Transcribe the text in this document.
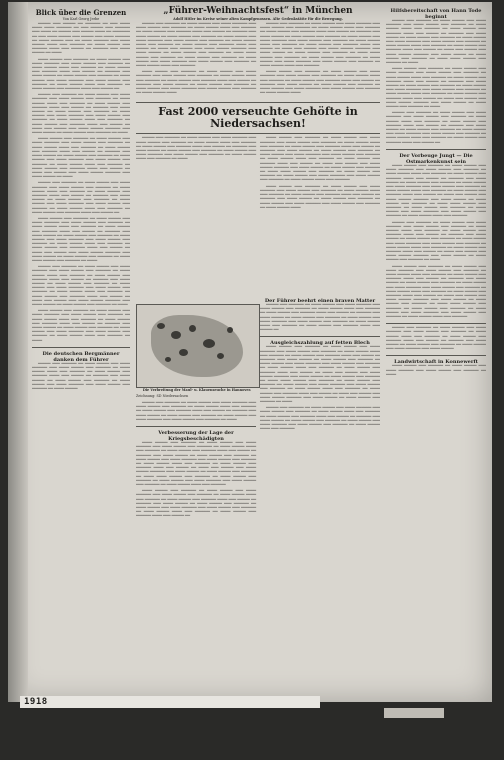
Blick über die Grenzen
Von Karl Georg Jerbe

▔▔▔▔▔ ▔▔▔ ▔▔▔▔▔ ▔▔ ▔▔▔▔▔▔ ▔▔ ▔▔▔ ▔▔▔▔ ▔▔▔▔ ▔▔▔▔ ▔▔▔▔▔▔ ▔▔ ▔▔▔ ▔▔▔▔▔ ▔▔▔ ▔▔▔▔▔▔ ▔▔▔ ▔▔▔▔ ▔▔ ▔▔▔▔▔ ▔▔▔ ▔▔▔▔▔ ▔▔▔▔ ▔▔ ▔▔▔▔▔▔▔ ▔▔ ▔▔▔ ▔▔▔▔ ▔▔▔▔▔ ▔▔▔ ▔▔▔▔▔ ▔▔▔ ▔▔▔▔ ▔▔▔▔▔▔ ▔▔ ▔▔▔▔ ▔▔▔▔▔ ▔▔▔ ▔▔ ▔▔▔▔ ▔▔▔▔▔▔ ▔▔▔ ▔▔▔▔ ▔▔▔▔▔ ▔▔▔▔ ▔▔▔ ▔▔▔▔▔▔ ▔▔ ▔▔▔▔ ▔▔▔▔▔ ▔▔▔ ▔▔▔▔▔▔ ▔▔▔▔ ▔▔▔ ▔▔▔▔▔ ▔▔ ▔▔▔▔▔▔ ▔▔▔ ▔▔▔▔ ▔▔▔▔▔ ▔▔ ▔▔▔▔

▔▔▔▔ ▔▔▔▔▔ ▔▔▔ ▔▔▔▔▔▔ ▔▔ ▔▔▔▔ ▔▔▔▔▔ ▔▔▔ ▔▔▔▔ ▔▔▔▔▔▔ ▔▔▔ ▔▔▔▔ ▔▔▔▔▔ ▔▔▔ ▔▔▔▔▔▔ ▔▔ ▔▔▔▔ ▔▔▔▔▔ ▔▔▔▔ ▔▔▔ ▔▔▔▔▔▔ ▔▔ ▔▔▔▔ ▔▔▔▔▔ ▔▔▔ ▔▔▔▔▔▔ ▔▔▔▔ ▔▔▔ ▔▔▔▔▔ ▔▔ ▔▔▔▔▔▔ ▔▔▔ ▔▔▔▔ ▔▔▔▔▔ ▔▔ ▔▔▔▔ ▔▔▔▔▔ ▔▔▔ ▔▔▔▔▔▔ ▔▔ ▔▔▔▔ ▔▔▔▔▔ ▔▔▔ ▔▔▔▔ ▔▔▔▔▔▔ ▔▔▔ ▔▔▔▔ ▔▔▔▔▔ ▔▔▔ ▔▔▔▔▔▔ ▔▔ ▔▔▔▔ ▔▔▔▔▔ ▔▔▔▔ ▔▔▔ ▔▔▔▔▔▔ ▔▔ ▔▔▔▔ ▔▔▔▔▔ ▔▔▔ ▔▔▔▔▔▔ ▔▔▔▔ ▔▔▔ ▔▔▔▔▔ ▔▔

▔▔▔▔▔ ▔▔▔ ▔▔▔▔▔▔ ▔▔ ▔▔▔▔ ▔▔▔▔▔ ▔▔▔ ▔▔▔▔ ▔▔▔▔▔▔ ▔▔▔ ▔▔▔▔ ▔▔▔▔▔ ▔▔▔ ▔▔▔▔▔▔ ▔▔ ▔▔▔▔ ▔▔▔▔▔ ▔▔▔▔ ▔▔▔ ▔▔▔▔▔▔ ▔▔ ▔▔▔▔ ▔▔▔▔▔ ▔▔▔ ▔▔▔▔▔▔ ▔▔▔▔ ▔▔▔ ▔▔▔▔▔ ▔▔ ▔▔▔▔▔▔ ▔▔▔ ▔▔▔▔ ▔▔▔▔▔ ▔▔ ▔▔▔▔ ▔▔▔▔▔ ▔▔▔ ▔▔▔▔▔▔ ▔▔ ▔▔▔▔ ▔▔▔▔▔ ▔▔▔ ▔▔▔▔ ▔▔▔▔▔▔ ▔▔▔ ▔▔▔▔ ▔▔▔▔▔ ▔▔▔ ▔▔▔▔▔▔ ▔▔ ▔▔▔▔ ▔▔▔▔▔ ▔▔▔▔ ▔▔▔ ▔▔▔▔▔▔ ▔▔ ▔▔▔▔ ▔▔▔▔▔ ▔▔▔ ▔▔▔▔▔▔ ▔▔▔▔ ▔▔▔ ▔▔▔▔▔ ▔▔ ▔▔▔▔ ▔▔▔ ▔▔▔▔▔ ▔▔▔ ▔▔▔▔ ▔▔▔▔▔ ▔▔▔▔▔▔ ▔▔▔ ▔▔▔▔ ▔▔▔▔▔ ▔▔ ▔▔▔▔ ▔▔▔▔▔ ▔▔▔ ▔▔▔▔▔▔ ▔▔ ▔▔▔▔

▔▔▔▔ ▔▔▔▔▔ ▔▔▔ ▔▔▔▔▔▔ ▔▔ ▔▔▔▔ ▔▔▔▔▔ ▔▔▔ ▔▔▔▔ ▔▔▔▔▔▔ ▔▔▔ ▔▔▔▔ ▔▔▔▔▔ ▔▔▔ ▔▔▔▔▔▔ ▔▔ ▔▔▔▔ ▔▔▔▔▔ ▔▔▔▔ ▔▔▔ ▔▔▔▔▔▔ ▔▔ ▔▔▔▔ ▔▔▔▔▔ ▔▔▔ ▔▔▔▔▔▔ ▔▔▔▔ ▔▔▔ ▔▔▔▔▔ ▔▔ ▔▔▔▔▔▔ ▔▔▔ ▔▔▔▔ ▔▔▔▔▔ ▔▔ ▔▔▔▔ ▔▔▔▔▔ ▔▔▔ ▔▔▔▔▔▔ ▔▔ ▔▔▔▔ ▔▔▔▔▔ ▔▔▔ ▔▔▔▔ ▔▔▔▔▔▔ ▔▔▔ ▔▔▔▔ ▔▔▔▔▔ ▔▔▔ ▔▔▔▔▔▔ ▔▔ ▔▔▔▔ ▔▔▔▔▔ ▔▔▔▔ ▔▔▔ ▔▔▔▔▔▔ ▔▔ ▔▔▔▔ ▔▔▔▔▔ ▔▔▔ ▔▔▔▔▔▔ ▔▔▔▔ ▔▔▔ ▔▔▔▔▔ ▔▔ ▔▔▔▔ ▔▔▔ ▔▔▔▔▔ ▔▔▔ ▔▔▔▔ ▔▔▔▔▔ ▔▔▔▔▔▔ ▔▔▔ ▔▔▔▔ ▔▔▔▔▔ ▔▔ ▔▔▔▔

▔▔▔▔▔ ▔▔▔ ▔▔▔▔▔▔ ▔▔ ▔▔▔▔ ▔▔▔▔▔ ▔▔▔ ▔▔▔▔ ▔▔▔▔▔▔ ▔▔▔ ▔▔▔▔ ▔▔▔▔▔ ▔▔▔ ▔▔▔▔▔▔ ▔▔ ▔▔▔▔ ▔▔▔▔▔ ▔▔▔▔ ▔▔▔ ▔▔▔▔▔▔ ▔▔ ▔▔▔▔ ▔▔▔▔▔ ▔▔▔ ▔▔▔▔▔▔ ▔▔▔▔ ▔▔▔ ▔▔▔▔▔ ▔▔ ▔▔▔▔▔▔ ▔▔▔ ▔▔▔▔ ▔▔▔▔▔ ▔▔ ▔▔▔▔ ▔▔▔▔▔ ▔▔▔ ▔▔▔▔▔▔ ▔▔ ▔▔▔▔ ▔▔▔▔▔ ▔▔▔ ▔▔▔▔ ▔▔▔▔▔▔ ▔▔▔ ▔▔▔▔ ▔▔▔▔▔ ▔▔▔ ▔▔▔▔▔▔ ▔▔ ▔▔▔▔ ▔▔▔▔▔ ▔▔▔▔ ▔▔▔ ▔▔▔▔▔▔ ▔▔ ▔▔▔▔ ▔▔▔▔▔ ▔▔▔ ▔▔▔▔▔▔ ▔▔▔▔ ▔▔▔ ▔▔▔▔▔ ▔▔

▔▔▔▔ ▔▔▔▔▔ ▔▔▔ ▔▔▔▔▔▔ ▔▔ ▔▔▔▔ ▔▔▔▔▔ ▔▔▔ ▔▔▔▔ ▔▔▔▔▔▔ ▔▔▔ ▔▔▔▔ ▔▔▔▔▔ ▔▔▔ ▔▔▔▔▔▔ ▔▔ ▔▔▔▔ ▔▔▔▔▔ ▔▔▔▔ ▔▔▔ ▔▔▔▔▔▔ ▔▔ ▔▔▔▔ ▔▔▔▔▔ ▔▔▔ ▔▔▔▔▔▔ ▔▔▔▔ ▔▔▔ ▔▔▔▔▔ ▔▔ ▔▔▔▔▔▔ ▔▔▔ ▔▔▔▔ ▔▔▔▔▔ ▔▔ ▔▔▔▔ ▔▔▔▔▔ ▔▔▔ ▔▔▔▔▔▔ ▔▔ ▔▔▔▔ ▔▔▔▔▔ ▔▔▔ ▔▔▔▔ ▔▔▔▔▔▔ ▔▔▔ ▔▔▔▔ ▔▔▔▔▔ ▔▔▔ ▔▔▔▔▔▔ ▔▔ ▔▔▔▔ ▔▔▔▔▔ ▔▔▔▔ ▔▔▔ ▔▔▔▔▔▔ ▔▔ ▔▔▔▔ ▔▔▔▔▔ ▔▔▔ ▔▔▔▔▔▔ ▔▔▔▔ ▔▔▔ ▔▔▔▔▔ ▔▔ ▔▔▔▔ ▔▔▔ ▔▔▔▔▔ ▔▔▔ ▔▔▔▔ ▔▔▔▔▔ ▔▔▔▔▔▔ ▔▔▔ ▔▔▔▔ ▔▔▔▔▔ ▔▔ ▔▔▔▔ ▔▔▔▔▔ ▔▔▔ ▔▔▔▔▔▔ ▔▔ ▔▔▔▔ ▔▔▔▔ ▔▔▔▔▔ ▔▔▔ ▔▔▔▔▔▔ ▔▔ ▔▔▔▔

▔▔▔▔▔ ▔▔▔ ▔▔▔▔▔▔ ▔▔ ▔▔▔▔ ▔▔▔▔▔ ▔▔▔ ▔▔▔▔ ▔▔▔▔▔▔ ▔▔▔ ▔▔▔▔ ▔▔▔▔▔ ▔▔▔ ▔▔▔▔▔▔ ▔▔ ▔▔▔▔ ▔▔▔▔▔ ▔▔▔▔ ▔▔▔ ▔▔▔▔▔▔ ▔▔ ▔▔▔▔ ▔▔▔▔▔ ▔▔▔ ▔▔▔▔▔▔ ▔▔▔▔ ▔▔▔ ▔▔▔▔▔ ▔▔ ▔▔▔▔▔▔ ▔▔▔ ▔▔▔▔ ▔▔▔▔▔ ▔▔ ▔▔▔▔ ▔▔▔▔▔ ▔▔▔ ▔▔▔▔▔▔ ▔▔ ▔▔▔▔ ▔▔▔▔▔ ▔▔▔ ▔▔▔▔ ▔▔▔▔▔▔ ▔▔▔ ▔▔▔▔ ▔▔▔▔▔ ▔▔▔ ▔▔▔▔▔▔ ▔▔ ▔▔▔▔ ▔▔▔▔▔ ▔▔▔▔ ▔▔▔ ▔▔▔▔▔▔ ▔▔ ▔▔▔▔ ▔▔▔▔▔ ▔▔▔ ▔▔▔▔▔▔ ▔▔▔▔ ▔▔▔ ▔▔▔▔▔ ▔▔ ▔▔▔▔ ▔▔▔ ▔▔▔▔▔ ▔▔▔ ▔▔▔▔ ▔▔▔▔▔ ▔▔▔▔▔▔ ▔▔▔ ▔▔▔▔ ▔▔▔▔▔ ▔▔ ▔▔▔▔ ▔▔▔▔▔ ▔▔▔ ▔▔▔▔▔▔ ▔▔ ▔▔▔▔

▔▔▔▔ ▔▔▔▔▔ ▔▔▔ ▔▔▔▔▔▔ ▔▔ ▔▔▔▔ ▔▔▔▔▔ ▔▔▔ ▔▔▔▔ ▔▔▔▔▔▔ ▔▔▔ ▔▔▔▔ ▔▔▔▔▔ ▔▔▔ ▔▔▔▔▔▔ ▔▔ ▔▔▔▔ ▔▔▔▔▔ ▔▔▔▔ ▔▔▔ ▔▔▔▔▔▔ ▔▔ ▔▔▔▔ ▔▔▔▔▔ ▔▔▔ ▔▔▔▔▔▔ ▔▔▔▔ ▔▔▔ ▔▔▔▔▔ ▔▔ ▔▔▔▔▔▔ ▔▔▔ ▔▔▔▔ ▔▔▔▔▔ ▔▔ ▔▔▔▔ ▔▔▔▔▔ ▔▔▔ ▔▔▔▔▔▔ ▔▔ ▔▔▔▔ ▔▔▔▔▔ ▔▔▔ ▔▔▔▔ ▔▔▔▔▔▔ ▔▔▔ ▔▔▔▔ ▔▔▔▔▔ ▔▔▔ ▔▔▔▔▔▔ ▔▔ ▔▔▔▔ ▔▔▔▔▔ ▔▔▔▔ ▔▔▔ ▔▔▔▔▔▔ ▔▔ ▔▔▔▔

Die deutschen Bergmänner danken dem Führer

▔▔▔▔▔ ▔▔▔ ▔▔▔▔▔▔ ▔▔ ▔▔▔▔ ▔▔▔▔▔ ▔▔▔ ▔▔▔▔ ▔▔▔▔▔▔ ▔▔▔ ▔▔▔▔ ▔▔▔▔▔ ▔▔▔ ▔▔▔▔▔▔ ▔▔ ▔▔▔▔ ▔▔▔▔▔ ▔▔▔▔ ▔▔▔ ▔▔▔▔▔▔ ▔▔ ▔▔▔▔ ▔▔▔▔▔ ▔▔▔ ▔▔▔▔▔▔ ▔▔▔▔ ▔▔▔ ▔▔▔▔▔ ▔▔ ▔▔▔▔▔▔ ▔▔▔ ▔▔▔▔ ▔▔▔▔▔ ▔▔ ▔▔▔▔ ▔▔▔▔▔ ▔▔▔ ▔▔▔▔▔▔ ▔▔ ▔▔▔▔ ▔▔▔▔▔ ▔▔▔ ▔▔▔▔ ▔▔▔▔▔▔ ▔▔▔ ▔▔▔▔ ▔▔▔▔▔ ▔▔▔ ▔▔▔▔▔▔ ▔▔ ▔▔▔▔ ▔▔▔▔▔

„Führer-Weihnachtsfest“ in München
Adolf Hitler im Kreise seiner alten Kampfgenossen. Alte Gedenkstätte für die Bewegung.

▔▔▔▔▔ ▔▔▔ ▔▔▔▔▔▔ ▔▔ ▔▔▔▔ ▔▔▔▔▔ ▔▔▔ ▔▔▔▔ ▔▔▔▔▔▔ ▔▔▔ ▔▔▔▔ ▔▔▔▔▔ ▔▔▔ ▔▔▔▔▔▔ ▔▔ ▔▔▔▔ ▔▔▔▔▔ ▔▔▔▔ ▔▔▔ ▔▔▔▔▔▔ ▔▔ ▔▔▔▔ ▔▔▔▔▔ ▔▔▔ ▔▔▔▔▔▔ ▔▔▔▔ ▔▔▔ ▔▔▔▔▔ ▔▔ ▔▔▔▔▔▔ ▔▔▔ ▔▔▔▔ ▔▔▔▔▔ ▔▔ ▔▔▔▔ ▔▔▔▔▔ ▔▔▔ ▔▔▔▔▔▔ ▔▔ ▔▔▔▔ ▔▔▔▔▔ ▔▔▔ ▔▔▔▔ ▔▔▔▔▔▔ ▔▔▔ ▔▔▔▔ ▔▔▔▔▔ ▔▔▔ ▔▔▔▔▔▔ ▔▔ ▔▔▔▔ ▔▔▔▔▔ ▔▔▔▔ ▔▔▔ ▔▔▔▔▔▔ ▔▔ ▔▔▔▔ ▔▔▔▔▔ ▔▔▔ ▔▔▔▔▔▔ ▔▔▔▔ ▔▔▔ ▔▔▔▔▔ ▔▔ ▔▔▔▔ ▔▔▔ ▔▔▔▔▔ ▔▔▔ ▔▔▔▔ ▔▔▔▔▔ ▔▔▔▔▔▔ ▔▔▔ ▔▔▔▔ ▔▔▔▔▔ ▔▔ ▔▔▔▔ ▔▔▔▔▔ ▔▔▔ ▔▔▔▔▔▔ ▔▔ ▔▔▔▔ ▔▔▔▔ ▔▔▔▔▔ ▔▔▔ ▔▔▔▔▔▔ ▔▔ ▔▔▔▔ ▔▔▔▔▔ ▔▔▔ ▔▔▔▔▔▔ ▔▔ ▔▔▔▔ ▔▔▔▔▔ ▔▔▔ ▔▔▔▔ ▔▔▔▔▔▔ ▔▔▔ ▔▔▔▔ ▔▔▔▔▔ ▔▔▔ ▔▔▔▔▔▔ ▔▔ ▔▔▔▔ ▔▔▔▔▔ ▔▔▔▔ ▔▔▔ ▔▔▔▔▔▔

▔▔▔▔ ▔▔▔▔▔ ▔▔▔ ▔▔▔▔▔▔ ▔▔ ▔▔▔▔ ▔▔▔▔▔ ▔▔▔ ▔▔▔▔ ▔▔▔▔▔▔ ▔▔▔ ▔▔▔▔ ▔▔▔▔▔ ▔▔▔ ▔▔▔▔▔▔ ▔▔ ▔▔▔▔ ▔▔▔▔▔ ▔▔▔▔ ▔▔▔ ▔▔▔▔▔▔ ▔▔ ▔▔▔▔ ▔▔▔▔▔ ▔▔▔ ▔▔▔▔▔▔ ▔▔▔▔ ▔▔▔ ▔▔▔▔▔ ▔▔ ▔▔▔▔▔▔ ▔▔▔ ▔▔▔▔ ▔▔▔▔▔ ▔▔ ▔▔▔▔ ▔▔▔▔▔ ▔▔▔ ▔▔▔▔▔▔ ▔▔ ▔▔▔▔ ▔▔▔▔▔ ▔▔▔ ▔▔▔▔ ▔▔▔▔▔▔ ▔▔▔ ▔▔▔▔ ▔▔▔▔▔ ▔▔▔ ▔▔▔▔▔▔ ▔▔ ▔▔▔▔ ▔▔▔▔▔ ▔▔▔▔

▔▔▔▔▔ ▔▔▔ ▔▔▔▔▔▔ ▔▔ ▔▔▔▔ ▔▔▔▔▔ ▔▔▔ ▔▔▔▔ ▔▔▔▔▔▔ ▔▔▔ ▔▔▔▔ ▔▔▔▔▔ ▔▔▔ ▔▔▔▔▔▔ ▔▔ ▔▔▔▔ ▔▔▔▔▔ ▔▔▔▔ ▔▔▔ ▔▔▔▔▔▔ ▔▔ ▔▔▔▔ ▔▔▔▔▔ ▔▔▔ ▔▔▔▔▔▔ ▔▔▔▔ ▔▔▔ ▔▔▔▔▔ ▔▔ ▔▔▔▔▔▔ ▔▔▔ ▔▔▔▔ ▔▔▔▔▔ ▔▔ ▔▔▔▔ ▔▔▔▔▔ ▔▔▔ ▔▔▔▔▔▔ ▔▔ ▔▔▔▔ ▔▔▔▔▔ ▔▔▔ ▔▔▔▔ ▔▔▔▔▔▔ ▔▔▔ ▔▔▔▔ ▔▔▔▔▔ ▔▔▔ ▔▔▔▔▔▔ ▔▔ ▔▔▔▔ ▔▔▔▔▔ ▔▔▔▔ ▔▔▔ ▔▔▔▔▔▔ ▔▔ ▔▔▔▔ ▔▔▔▔▔ ▔▔▔ ▔▔▔▔▔▔ ▔▔▔▔ ▔▔▔ ▔▔▔▔▔ ▔▔ ▔▔▔▔ ▔▔▔ ▔▔▔▔▔ ▔▔▔ ▔▔▔▔ ▔▔▔▔▔ ▔▔▔▔▔▔ ▔▔▔ ▔▔▔▔ ▔▔▔▔▔ ▔▔ ▔▔▔▔ ▔▔▔▔▔ ▔▔▔ ▔▔▔▔▔▔ ▔▔ ▔▔▔▔ ▔▔▔▔ ▔▔▔▔▔ ▔▔▔ ▔▔▔▔▔▔ ▔▔ ▔▔▔▔ ▔▔▔▔▔ ▔▔▔ ▔▔▔▔▔▔ ▔▔ ▔▔▔▔ ▔▔▔▔▔ ▔▔▔ ▔▔▔▔ ▔▔▔▔▔▔ ▔▔▔ ▔▔▔▔ ▔▔▔▔▔ ▔▔▔ ▔▔▔▔▔▔ ▔▔ ▔▔▔▔ ▔▔▔▔▔ ▔▔▔▔ ▔▔▔ ▔▔▔▔▔▔

▔▔▔▔ ▔▔▔▔▔ ▔▔▔ ▔▔▔▔▔▔ ▔▔ ▔▔▔▔ ▔▔▔▔▔ ▔▔▔ ▔▔▔▔ ▔▔▔▔▔▔ ▔▔▔ ▔▔▔▔ ▔▔▔▔▔ ▔▔▔ ▔▔▔▔▔▔ ▔▔ ▔▔▔▔ ▔▔▔▔▔ ▔▔▔▔ ▔▔▔ ▔▔▔▔▔▔ ▔▔ ▔▔▔▔ ▔▔▔▔▔ ▔▔▔ ▔▔▔▔▔▔ ▔▔▔▔ ▔▔▔ ▔▔▔▔▔ ▔▔ ▔▔▔▔▔▔ ▔▔▔ ▔▔▔▔ ▔▔▔▔▔ ▔▔ ▔▔▔▔ ▔▔▔▔▔ ▔▔▔ ▔▔▔▔▔▔ ▔▔ ▔▔▔▔ ▔▔▔▔▔ ▔▔▔ ▔▔▔▔ ▔▔▔▔▔▔ ▔▔▔ ▔▔▔▔ ▔▔▔▔▔ ▔▔▔ ▔▔▔▔▔▔ ▔▔ ▔▔▔▔ ▔▔▔▔▔ ▔▔▔▔

Fast 2000 verseuchte Gehöfte in Niedersachsen!

▔▔▔▔▔ ▔▔▔ ▔▔▔▔▔▔ ▔▔ ▔▔▔▔ ▔▔▔▔▔ ▔▔▔ ▔▔▔▔ ▔▔▔▔▔▔ ▔▔▔ ▔▔▔▔ ▔▔▔▔▔ ▔▔▔ ▔▔▔▔▔▔ ▔▔ ▔▔▔▔ ▔▔▔▔▔ ▔▔▔▔ ▔▔▔ ▔▔▔▔▔▔ ▔▔ ▔▔▔▔ ▔▔▔▔▔ ▔▔▔ ▔▔▔▔▔▔ ▔▔▔▔ ▔▔▔ ▔▔▔▔▔ ▔▔ ▔▔▔▔▔▔ ▔▔▔ ▔▔▔▔ ▔▔▔▔▔ ▔▔ ▔▔▔▔ ▔▔▔▔▔ ▔▔▔ ▔▔▔▔▔▔ ▔▔ ▔▔▔▔ ▔▔▔▔▔ ▔▔▔ ▔▔▔▔ ▔▔▔▔▔▔ ▔▔▔ ▔▔▔▔ ▔▔▔▔▔ ▔▔▔ ▔▔▔▔▔▔ ▔▔ ▔▔▔▔ ▔▔▔▔▔ ▔▔▔▔ ▔▔▔ ▔▔▔▔▔▔ ▔▔ ▔▔▔▔

▔▔▔▔ ▔▔▔▔▔ ▔▔▔ ▔▔▔▔▔▔ ▔▔ ▔▔▔▔ ▔▔▔▔▔ ▔▔▔ ▔▔▔▔ ▔▔▔▔▔▔ ▔▔▔ ▔▔▔▔ ▔▔▔▔▔ ▔▔▔ ▔▔▔▔▔▔ ▔▔ ▔▔▔▔ ▔▔▔▔▔ ▔▔▔▔ ▔▔▔ ▔▔▔▔▔▔ ▔▔ ▔▔▔▔ ▔▔▔▔▔ ▔▔▔ ▔▔▔▔▔▔ ▔▔▔▔ ▔▔▔ ▔▔▔▔▔ ▔▔ ▔▔▔▔▔▔ ▔▔▔ ▔▔▔▔ ▔▔▔▔▔ ▔▔ ▔▔▔▔ ▔▔▔▔▔ ▔▔▔ ▔▔▔▔▔▔ ▔▔ ▔▔▔▔ ▔▔▔▔▔ ▔▔▔ ▔▔▔▔ ▔▔▔▔▔▔ ▔▔▔ ▔▔▔▔ ▔▔▔▔▔ ▔▔▔ ▔▔▔▔▔▔ ▔▔ ▔▔▔▔ ▔▔▔▔▔ ▔▔▔▔ ▔▔▔ ▔▔▔▔▔▔ ▔▔ ▔▔▔▔ ▔▔▔▔▔ ▔▔▔ ▔▔▔▔▔▔ ▔▔▔▔ ▔▔▔ ▔▔▔▔▔ ▔▔ ▔▔▔▔ ▔▔▔ ▔▔▔▔▔ ▔▔▔ ▔▔▔▔ ▔▔▔▔▔ ▔▔▔▔▔▔ ▔▔▔ ▔▔▔▔ ▔▔▔▔▔ ▔▔ ▔▔▔▔ ▔▔▔▔▔ ▔▔▔ ▔▔▔▔▔▔ ▔▔ ▔▔▔▔ ▔▔▔▔ ▔▔▔▔▔ ▔▔▔ ▔▔▔▔▔▔ ▔▔ ▔▔▔▔ ▔▔▔▔▔ ▔▔▔ ▔▔▔▔▔▔ ▔▔ ▔▔▔▔ ▔▔▔▔▔ ▔▔▔ ▔▔▔▔ ▔▔▔▔▔▔ ▔▔▔ ▔▔▔▔ ▔▔▔▔▔ ▔▔▔ ▔▔▔▔▔▔ ▔▔ ▔▔▔▔ ▔▔▔▔▔ ▔▔▔▔ ▔▔▔ ▔▔▔▔▔▔

▔▔▔▔ ▔▔▔▔▔ ▔▔▔ ▔▔▔▔▔▔ ▔▔ ▔▔▔▔ ▔▔▔▔▔ ▔▔▔ ▔▔▔▔ ▔▔▔▔▔▔ ▔▔▔ ▔▔▔▔ ▔▔▔▔▔ ▔▔▔ ▔▔▔▔▔▔ ▔▔ ▔▔▔▔ ▔▔▔▔▔ ▔▔▔▔ ▔▔▔ ▔▔▔▔▔▔ ▔▔ ▔▔▔▔ ▔▔▔▔▔ ▔▔▔ ▔▔▔▔▔▔ ▔▔▔▔ ▔▔▔ ▔▔▔▔▔ ▔▔ ▔▔▔▔▔▔ ▔▔▔ ▔▔▔▔ ▔▔▔▔▔ ▔▔ ▔▔▔▔ ▔▔▔▔▔ ▔▔▔ ▔▔▔▔▔▔ ▔▔ ▔▔▔▔ ▔▔▔▔▔ ▔▔▔ ▔▔▔▔ ▔▔▔▔▔▔ ▔▔▔ ▔▔▔▔ ▔▔▔▔▔ ▔▔▔ ▔▔▔▔▔▔ ▔▔ ▔▔▔▔ ▔▔▔▔▔ ▔▔▔▔

Die Verbreitung der Maul- u. Klauenseuche in Hannover.
Zeichnung: SD Niedersachsen

▔▔▔▔▔ ▔▔▔ ▔▔▔▔▔▔ ▔▔ ▔▔▔▔ ▔▔▔▔▔ ▔▔▔ ▔▔▔▔ ▔▔▔▔▔▔ ▔▔▔ ▔▔▔▔ ▔▔▔▔▔ ▔▔▔ ▔▔▔▔▔▔ ▔▔ ▔▔▔▔ ▔▔▔▔▔ ▔▔▔▔ ▔▔▔ ▔▔▔▔▔▔ ▔▔ ▔▔▔▔ ▔▔▔▔▔ ▔▔▔ ▔▔▔▔▔▔ ▔▔▔▔ ▔▔▔ ▔▔▔▔▔ ▔▔ ▔▔▔▔▔▔ ▔▔▔ ▔▔▔▔ ▔▔▔▔▔ ▔▔ ▔▔▔▔ ▔▔▔▔▔ ▔▔▔ ▔▔▔▔▔▔ ▔▔ ▔▔▔▔ ▔▔▔▔▔ ▔▔▔ ▔▔▔▔ ▔▔▔▔▔▔ ▔▔▔ ▔▔▔▔ ▔▔▔▔▔ ▔▔▔ ▔▔▔▔▔▔ ▔▔ ▔▔▔▔

Verbesserung der Lage der Kriegsbeschädigten

▔▔▔▔ ▔▔▔▔▔ ▔▔▔ ▔▔▔▔▔▔ ▔▔ ▔▔▔▔ ▔▔▔▔▔ ▔▔▔ ▔▔▔▔ ▔▔▔▔▔▔ ▔▔▔ ▔▔▔▔ ▔▔▔▔▔ ▔▔▔ ▔▔▔▔▔▔ ▔▔ ▔▔▔▔ ▔▔▔▔▔ ▔▔▔▔ ▔▔▔ ▔▔▔▔▔▔ ▔▔ ▔▔▔▔ ▔▔▔▔▔ ▔▔▔ ▔▔▔▔▔▔ ▔▔▔▔ ▔▔▔ ▔▔▔▔▔ ▔▔ ▔▔▔▔▔▔ ▔▔▔ ▔▔▔▔ ▔▔▔▔▔ ▔▔ ▔▔▔▔ ▔▔▔▔▔ ▔▔▔ ▔▔▔▔▔▔ ▔▔ ▔▔▔▔ ▔▔▔▔▔ ▔▔▔ ▔▔▔▔ ▔▔▔▔▔▔ ▔▔▔ ▔▔▔▔ ▔▔▔▔▔ ▔▔▔ ▔▔▔▔▔▔ ▔▔ ▔▔▔▔ ▔▔▔▔▔ ▔▔▔▔ ▔▔▔ ▔▔▔▔▔▔ ▔▔ ▔▔▔▔ ▔▔▔▔▔ ▔▔▔ ▔▔▔▔▔▔ ▔▔▔▔ ▔▔▔ ▔▔▔▔▔ ▔▔ ▔▔▔▔ ▔▔▔ ▔▔▔▔▔ ▔▔▔ ▔▔▔▔ ▔▔▔▔▔ ▔▔▔▔▔▔ ▔▔▔ ▔▔▔▔ ▔▔▔▔▔ ▔▔ ▔▔▔▔ ▔▔▔▔▔ ▔▔▔ ▔▔▔▔▔▔ ▔▔ ▔▔▔▔ ▔▔▔▔ ▔▔▔▔▔ ▔▔▔ ▔▔▔▔▔▔ ▔▔ ▔▔▔▔ ▔▔▔▔▔ ▔▔▔ ▔▔▔▔▔▔ ▔▔ ▔▔▔▔ ▔▔▔▔▔ ▔▔▔ ▔▔▔▔ ▔▔▔▔▔▔ ▔▔▔ ▔▔▔▔ ▔▔▔▔▔ ▔▔▔ ▔▔▔▔▔▔ ▔▔ ▔▔▔▔ ▔▔▔▔▔ ▔▔▔▔ ▔▔▔ ▔▔▔▔▔▔

▔▔▔▔ ▔▔▔▔▔ ▔▔▔ ▔▔▔▔▔▔ ▔▔ ▔▔▔▔ ▔▔▔▔▔ ▔▔▔ ▔▔▔▔ ▔▔▔▔▔▔ ▔▔▔ ▔▔▔▔ ▔▔▔▔▔ ▔▔▔ ▔▔▔▔▔▔ ▔▔ ▔▔▔▔ ▔▔▔▔▔ ▔▔▔▔ ▔▔▔ ▔▔▔▔▔▔ ▔▔ ▔▔▔▔ ▔▔▔▔▔ ▔▔▔ ▔▔▔▔▔▔ ▔▔▔▔ ▔▔▔ ▔▔▔▔▔ ▔▔ ▔▔▔▔▔▔ ▔▔▔ ▔▔▔▔ ▔▔▔▔▔ ▔▔ ▔▔▔▔ ▔▔▔▔▔ ▔▔▔ ▔▔▔▔▔▔ ▔▔ ▔▔▔▔ ▔▔▔▔▔ ▔▔▔ ▔▔▔▔ ▔▔▔▔▔▔ ▔▔▔ ▔▔▔▔ ▔▔▔▔▔ ▔▔▔ ▔▔▔▔▔▔ ▔▔ ▔▔▔▔ ▔▔▔▔▔ ▔▔▔▔ ▔▔▔ ▔▔▔▔▔▔ ▔▔ ▔▔▔▔ ▔▔▔▔▔ ▔▔▔ ▔▔▔▔▔▔ ▔▔▔▔ ▔▔▔ ▔▔▔▔▔ ▔▔

Der Führer beehrt einen braven Matter

▔▔▔▔▔ ▔▔▔ ▔▔▔▔▔▔ ▔▔ ▔▔▔▔ ▔▔▔▔▔ ▔▔▔ ▔▔▔▔ ▔▔▔▔▔▔ ▔▔▔ ▔▔▔▔ ▔▔▔▔▔ ▔▔▔ ▔▔▔▔▔▔ ▔▔ ▔▔▔▔ ▔▔▔▔▔ ▔▔▔▔ ▔▔▔ ▔▔▔▔▔▔ ▔▔ ▔▔▔▔ ▔▔▔▔▔ ▔▔▔ ▔▔▔▔▔▔ ▔▔▔▔ ▔▔▔ ▔▔▔▔▔ ▔▔ ▔▔▔▔▔▔ ▔▔▔ ▔▔▔▔ ▔▔▔▔▔ ▔▔ ▔▔▔▔ ▔▔▔▔▔ ▔▔▔ ▔▔▔▔▔▔ ▔▔ ▔▔▔▔ ▔▔▔▔▔ ▔▔▔ ▔▔▔▔ ▔▔▔▔▔▔ ▔▔▔ ▔▔▔▔ ▔▔▔▔▔ ▔▔▔ ▔▔▔▔▔▔ ▔▔ ▔▔▔▔ ▔▔▔▔▔ ▔▔▔▔ ▔▔▔ ▔▔▔▔▔▔ ▔▔ ▔▔▔▔ ▔▔▔▔▔ ▔▔▔ ▔▔▔▔▔▔ ▔▔▔▔ ▔▔▔ ▔▔▔▔▔ ▔▔

Ausgleichszahlung auf fetten Blech

▔▔▔▔ ▔▔▔▔▔ ▔▔▔ ▔▔▔▔▔▔ ▔▔ ▔▔▔▔ ▔▔▔▔▔ ▔▔▔ ▔▔▔▔ ▔▔▔▔▔▔ ▔▔▔ ▔▔▔▔ ▔▔▔▔▔ ▔▔▔ ▔▔▔▔▔▔ ▔▔ ▔▔▔▔ ▔▔▔▔▔ ▔▔▔▔ ▔▔▔ ▔▔▔▔▔▔ ▔▔ ▔▔▔▔ ▔▔▔▔▔ ▔▔▔ ▔▔▔▔▔▔ ▔▔▔▔ ▔▔▔ ▔▔▔▔▔ ▔▔ ▔▔▔▔▔▔ ▔▔▔ ▔▔▔▔ ▔▔▔▔▔ ▔▔ ▔▔▔▔ ▔▔▔▔▔ ▔▔▔ ▔▔▔▔▔▔ ▔▔ ▔▔▔▔ ▔▔▔▔▔ ▔▔▔ ▔▔▔▔ ▔▔▔▔▔▔ ▔▔▔ ▔▔▔▔ ▔▔▔▔▔ ▔▔▔ ▔▔▔▔▔▔ ▔▔ ▔▔▔▔ ▔▔▔▔▔ ▔▔▔▔ ▔▔▔ ▔▔▔▔▔▔ ▔▔ ▔▔▔▔ ▔▔▔▔▔ ▔▔▔ ▔▔▔▔▔▔ ▔▔▔▔ ▔▔▔ ▔▔▔▔▔ ▔▔ ▔▔▔▔ ▔▔▔ ▔▔▔▔▔ ▔▔▔ ▔▔▔▔ ▔▔▔▔▔ ▔▔▔▔▔▔ ▔▔▔ ▔▔▔▔ ▔▔▔▔▔ ▔▔ ▔▔▔▔ ▔▔▔▔▔ ▔▔▔ ▔▔▔▔▔▔ ▔▔ ▔▔▔▔ ▔▔▔▔ ▔▔▔▔▔ ▔▔▔ ▔▔▔▔▔▔ ▔▔ ▔▔▔▔ ▔▔▔▔▔ ▔▔▔ ▔▔▔▔▔▔ ▔▔ ▔▔▔▔ ▔▔▔▔▔ ▔▔▔ ▔▔▔▔ ▔▔▔▔▔▔ ▔▔▔ ▔▔▔▔ ▔▔▔▔▔ ▔▔▔ ▔▔▔▔▔▔ ▔▔ ▔▔▔▔ ▔▔▔▔▔ ▔▔▔▔ ▔▔▔ ▔▔▔▔▔▔ ▔▔ ▔▔▔▔ ▔▔▔▔▔ ▔▔▔ ▔▔▔▔▔▔ ▔▔▔▔ ▔▔▔ ▔▔▔▔▔ ▔▔ ▔▔▔▔ ▔▔▔ ▔▔▔▔▔ ▔▔▔ ▔▔▔▔ ▔▔▔▔▔ ▔▔▔▔▔▔ ▔▔▔ ▔▔▔▔ ▔▔▔▔▔ ▔▔ ▔▔▔▔ ▔▔▔▔▔ ▔▔▔ ▔▔▔▔▔▔ ▔▔ ▔▔▔▔

▔▔▔▔▔ ▔▔▔ ▔▔▔▔▔▔ ▔▔ ▔▔▔▔ ▔▔▔▔▔ ▔▔▔ ▔▔▔▔ ▔▔▔▔▔▔ ▔▔▔ ▔▔▔▔ ▔▔▔▔▔ ▔▔▔ ▔▔▔▔▔▔ ▔▔ ▔▔▔▔ ▔▔▔▔▔ ▔▔▔▔ ▔▔▔ ▔▔▔▔▔▔ ▔▔ ▔▔▔▔ ▔▔▔▔▔ ▔▔▔ ▔▔▔▔▔▔ ▔▔▔▔ ▔▔▔ ▔▔▔▔▔ ▔▔ ▔▔▔▔▔▔ ▔▔▔ ▔▔▔▔ ▔▔▔▔▔ ▔▔ ▔▔▔▔ ▔▔▔▔▔ ▔▔▔ ▔▔▔▔▔▔ ▔▔ ▔▔▔▔ ▔▔▔▔▔ ▔▔▔ ▔▔▔▔ ▔▔▔▔▔▔ ▔▔▔ ▔▔▔▔ ▔▔▔▔▔ ▔▔▔ ▔▔▔▔▔▔ ▔▔ ▔▔▔▔ ▔▔▔▔▔ ▔▔▔▔ ▔▔▔ ▔▔▔▔▔▔

Hilfsbereitschaft von Hann Tode beginnt

▔▔▔▔▔ ▔▔▔ ▔▔▔▔▔▔ ▔▔ ▔▔▔▔ ▔▔▔▔▔ ▔▔▔ ▔▔▔▔ ▔▔▔▔▔▔ ▔▔▔ ▔▔▔▔ ▔▔▔▔▔ ▔▔▔ ▔▔▔▔▔▔ ▔▔ ▔▔▔▔ ▔▔▔▔▔ ▔▔▔▔ ▔▔▔ ▔▔▔▔▔▔ ▔▔ ▔▔▔▔ ▔▔▔▔▔ ▔▔▔ ▔▔▔▔▔▔ ▔▔▔▔ ▔▔▔ ▔▔▔▔▔ ▔▔ ▔▔▔▔▔▔ ▔▔▔ ▔▔▔▔ ▔▔▔▔▔ ▔▔ ▔▔▔▔ ▔▔▔▔▔ ▔▔▔ ▔▔▔▔▔▔ ▔▔ ▔▔▔▔ ▔▔▔▔▔ ▔▔▔ ▔▔▔▔ ▔▔▔▔▔▔ ▔▔▔ ▔▔▔▔ ▔▔▔▔▔ ▔▔▔ ▔▔▔▔▔▔ ▔▔ ▔▔▔▔ ▔▔▔▔▔ ▔▔▔▔ ▔▔▔ ▔▔▔▔▔▔ ▔▔ ▔▔▔▔ ▔▔▔▔▔ ▔▔▔ ▔▔▔▔▔▔ ▔▔▔▔ ▔▔▔ ▔▔▔▔▔ ▔▔ ▔▔▔▔ ▔▔▔ ▔▔▔▔▔ ▔▔▔ ▔▔▔▔ ▔▔▔▔▔ ▔▔▔▔▔▔ ▔▔▔ ▔▔▔▔ ▔▔▔▔▔ ▔▔ ▔▔▔▔ ▔▔▔▔▔ ▔▔▔ ▔▔▔▔▔▔ ▔▔ ▔▔▔▔ ▔▔▔▔ ▔▔▔▔▔ ▔▔▔ ▔▔▔▔▔▔ ▔▔ ▔▔▔▔

▔▔▔▔ ▔▔▔▔▔ ▔▔▔ ▔▔▔▔▔▔ ▔▔ ▔▔▔▔ ▔▔▔▔▔ ▔▔▔ ▔▔▔▔ ▔▔▔▔▔▔ ▔▔▔ ▔▔▔▔ ▔▔▔▔▔ ▔▔▔ ▔▔▔▔▔▔ ▔▔ ▔▔▔▔ ▔▔▔▔▔ ▔▔▔▔ ▔▔▔ ▔▔▔▔▔▔ ▔▔ ▔▔▔▔ ▔▔▔▔▔ ▔▔▔ ▔▔▔▔▔▔ ▔▔▔▔ ▔▔▔ ▔▔▔▔▔ ▔▔ ▔▔▔▔▔▔ ▔▔▔ ▔▔▔▔ ▔▔▔▔▔ ▔▔ ▔▔▔▔ ▔▔▔▔▔ ▔▔▔ ▔▔▔▔▔▔ ▔▔ ▔▔▔▔ ▔▔▔▔▔ ▔▔▔ ▔▔▔▔ ▔▔▔▔▔▔ ▔▔▔ ▔▔▔▔ ▔▔▔▔▔ ▔▔▔ ▔▔▔▔▔▔ ▔▔ ▔▔▔▔ ▔▔▔▔▔ ▔▔▔▔ ▔▔▔ ▔▔▔▔▔▔ ▔▔ ▔▔▔▔ ▔▔▔▔▔ ▔▔▔ ▔▔▔▔▔▔ ▔▔▔▔ ▔▔▔ ▔▔▔▔▔ ▔▔ ▔▔▔▔ ▔▔▔ ▔▔▔▔▔ ▔▔▔ ▔▔▔▔ ▔▔▔▔▔ ▔▔▔▔▔▔ ▔▔▔ ▔▔▔▔ ▔▔▔▔▔ ▔▔ ▔▔▔▔ ▔▔▔▔▔ ▔▔▔ ▔▔▔▔▔▔ ▔▔ ▔▔▔▔

▔▔▔▔▔ ▔▔▔ ▔▔▔▔▔▔ ▔▔ ▔▔▔▔ ▔▔▔▔▔ ▔▔▔ ▔▔▔▔ ▔▔▔▔▔▔ ▔▔▔ ▔▔▔▔ ▔▔▔▔▔ ▔▔▔ ▔▔▔▔▔▔ ▔▔ ▔▔▔▔ ▔▔▔▔▔ ▔▔▔▔ ▔▔▔ ▔▔▔▔▔▔ ▔▔ ▔▔▔▔ ▔▔▔▔▔ ▔▔▔ ▔▔▔▔▔▔ ▔▔▔▔ ▔▔▔ ▔▔▔▔▔ ▔▔ ▔▔▔▔▔▔ ▔▔▔ ▔▔▔▔ ▔▔▔▔▔ ▔▔ ▔▔▔▔ ▔▔▔▔▔ ▔▔▔ ▔▔▔▔▔▔ ▔▔ ▔▔▔▔ ▔▔▔▔▔ ▔▔▔ ▔▔▔▔ ▔▔▔▔▔▔ ▔▔▔ ▔▔▔▔ ▔▔▔▔▔ ▔▔▔ ▔▔▔▔▔▔ ▔▔ ▔▔▔▔ ▔▔▔▔▔ ▔▔▔▔ ▔▔▔ ▔▔▔▔▔▔ ▔▔ ▔▔▔▔ ▔▔▔▔▔ ▔▔▔ ▔▔▔▔▔▔ ▔▔▔▔ ▔▔▔ ▔▔▔▔▔ ▔▔

Der Vorbeuge Jungt — Die Ostmarkenkunst sein

▔▔▔▔ ▔▔▔▔▔ ▔▔▔ ▔▔▔▔▔▔ ▔▔ ▔▔▔▔ ▔▔▔▔▔ ▔▔▔ ▔▔▔▔ ▔▔▔▔▔▔ ▔▔▔ ▔▔▔▔ ▔▔▔▔▔ ▔▔▔ ▔▔▔▔▔▔ ▔▔ ▔▔▔▔ ▔▔▔▔▔ ▔▔▔▔ ▔▔▔ ▔▔▔▔▔▔ ▔▔ ▔▔▔▔ ▔▔▔▔▔ ▔▔▔ ▔▔▔▔▔▔ ▔▔▔▔ ▔▔▔ ▔▔▔▔▔ ▔▔ ▔▔▔▔▔▔ ▔▔▔ ▔▔▔▔ ▔▔▔▔▔ ▔▔ ▔▔▔▔ ▔▔▔▔▔ ▔▔▔ ▔▔▔▔▔▔ ▔▔ ▔▔▔▔ ▔▔▔▔▔ ▔▔▔ ▔▔▔▔ ▔▔▔▔▔▔ ▔▔▔ ▔▔▔▔ ▔▔▔▔▔ ▔▔▔ ▔▔▔▔▔▔ ▔▔ ▔▔▔▔ ▔▔▔▔▔ ▔▔▔▔ ▔▔▔ ▔▔▔▔▔▔ ▔▔ ▔▔▔▔ ▔▔▔▔▔ ▔▔▔ ▔▔▔▔▔▔ ▔▔▔▔ ▔▔▔ ▔▔▔▔▔ ▔▔ ▔▔▔▔ ▔▔▔ ▔▔▔▔▔ ▔▔▔ ▔▔▔▔ ▔▔▔▔▔ ▔▔▔▔▔▔ ▔▔▔ ▔▔▔▔ ▔▔▔▔▔ ▔▔ ▔▔▔▔ ▔▔▔▔▔ ▔▔▔ ▔▔▔▔▔▔ ▔▔ ▔▔▔▔ ▔▔▔▔ ▔▔▔▔▔ ▔▔▔ ▔▔▔▔▔▔ ▔▔ ▔▔▔▔ ▔▔▔▔▔ ▔▔▔ ▔▔▔▔▔▔ ▔▔ ▔▔▔▔ ▔▔▔▔▔ ▔▔▔ ▔▔▔▔ ▔▔▔▔▔▔ ▔▔▔ ▔▔▔▔ ▔▔▔▔▔ ▔▔▔ ▔▔▔▔▔▔ ▔▔ ▔▔▔▔ ▔▔▔▔▔ ▔▔▔▔ ▔▔▔ ▔▔▔▔▔▔

▔▔▔▔▔ ▔▔▔ ▔▔▔▔▔▔ ▔▔ ▔▔▔▔ ▔▔▔▔▔ ▔▔▔ ▔▔▔▔ ▔▔▔▔▔▔ ▔▔▔ ▔▔▔▔ ▔▔▔▔▔ ▔▔▔ ▔▔▔▔▔▔ ▔▔ ▔▔▔▔ ▔▔▔▔▔ ▔▔▔▔ ▔▔▔ ▔▔▔▔▔▔ ▔▔ ▔▔▔▔ ▔▔▔▔▔ ▔▔▔ ▔▔▔▔▔▔ ▔▔▔▔ ▔▔▔ ▔▔▔▔▔ ▔▔ ▔▔▔▔▔▔ ▔▔▔ ▔▔▔▔ ▔▔▔▔▔ ▔▔ ▔▔▔▔ ▔▔▔▔▔ ▔▔▔ ▔▔▔▔▔▔ ▔▔ ▔▔▔▔ ▔▔▔▔▔ ▔▔▔ ▔▔▔▔ ▔▔▔▔▔▔ ▔▔▔ ▔▔▔▔ ▔▔▔▔▔ ▔▔▔ ▔▔▔▔▔▔ ▔▔ ▔▔▔▔ ▔▔▔▔▔ ▔▔▔▔ ▔▔▔ ▔▔▔▔▔▔ ▔▔ ▔▔▔▔ ▔▔▔▔▔ ▔▔▔ ▔▔▔▔▔▔ ▔▔▔▔ ▔▔▔ ▔▔▔▔▔ ▔▔ ▔▔▔▔ ▔▔▔ ▔▔▔▔▔ ▔▔▔ ▔▔▔▔ ▔▔▔▔▔ ▔▔▔▔▔▔ ▔▔▔ ▔▔▔▔ ▔▔▔▔▔ ▔▔ ▔▔▔▔ ▔▔▔▔▔ ▔▔▔ ▔▔▔▔▔▔ ▔▔ ▔▔▔▔

▔▔▔▔ ▔▔▔▔▔ ▔▔▔ ▔▔▔▔▔▔ ▔▔ ▔▔▔▔ ▔▔▔▔▔ ▔▔▔ ▔▔▔▔ ▔▔▔▔▔▔ ▔▔▔ ▔▔▔▔ ▔▔▔▔▔ ▔▔▔ ▔▔▔▔▔▔ ▔▔ ▔▔▔▔ ▔▔▔▔▔ ▔▔▔▔ ▔▔▔ ▔▔▔▔▔▔ ▔▔ ▔▔▔▔ ▔▔▔▔▔ ▔▔▔ ▔▔▔▔▔▔ ▔▔▔▔ ▔▔▔ ▔▔▔▔▔ ▔▔ ▔▔▔▔▔▔ ▔▔▔ ▔▔▔▔ ▔▔▔▔▔ ▔▔ ▔▔▔▔ ▔▔▔▔▔ ▔▔▔ ▔▔▔▔▔▔ ▔▔ ▔▔▔▔ ▔▔▔▔▔ ▔▔▔ ▔▔▔▔ ▔▔▔▔▔▔ ▔▔▔ ▔▔▔▔ ▔▔▔▔▔ ▔▔▔ ▔▔▔▔▔▔ ▔▔ ▔▔▔▔ ▔▔▔▔▔ ▔▔▔▔ ▔▔▔ ▔▔▔▔▔▔ ▔▔ ▔▔▔▔ ▔▔▔▔▔ ▔▔▔ ▔▔▔▔▔▔ ▔▔▔▔ ▔▔▔ ▔▔▔▔▔ ▔▔ ▔▔▔▔ ▔▔▔ ▔▔▔▔▔ ▔▔▔ ▔▔▔▔ ▔▔▔▔▔ ▔▔▔▔▔▔ ▔▔▔ ▔▔▔▔ ▔▔▔▔▔ ▔▔ ▔▔▔▔ ▔▔▔▔▔ ▔▔▔ ▔▔▔▔▔▔ ▔▔ ▔▔▔▔ ▔▔▔▔ ▔▔▔▔▔ ▔▔▔ ▔▔▔▔▔▔ ▔▔ ▔▔▔▔ ▔▔▔▔▔ ▔▔▔ ▔▔▔▔▔▔ ▔▔ ▔▔▔▔ ▔▔▔▔▔ ▔▔▔ ▔▔▔▔ ▔▔▔▔▔▔ ▔▔▔ ▔▔▔▔ ▔▔▔▔▔ ▔▔▔ ▔▔▔▔▔▔ ▔▔ ▔▔▔▔ ▔▔▔▔▔ ▔▔▔▔ ▔▔▔ ▔▔▔▔▔▔

▔▔▔▔▔ ▔▔▔ ▔▔▔▔▔▔ ▔▔ ▔▔▔▔ ▔▔▔▔▔ ▔▔▔ ▔▔▔▔ ▔▔▔▔▔▔ ▔▔▔ ▔▔▔▔ ▔▔▔▔▔ ▔▔▔ ▔▔▔▔▔▔ ▔▔ ▔▔▔▔ ▔▔▔▔▔ ▔▔▔▔ ▔▔▔ ▔▔▔▔▔▔ ▔▔ ▔▔▔▔ ▔▔▔▔▔ ▔▔▔ ▔▔▔▔▔▔ ▔▔▔▔ ▔▔▔ ▔▔▔▔▔ ▔▔ ▔▔▔▔▔▔ ▔▔▔ ▔▔▔▔ ▔▔▔▔▔ ▔▔ ▔▔▔▔ ▔▔▔▔▔ ▔▔▔ ▔▔▔▔▔▔ ▔▔ ▔▔▔▔ ▔▔▔▔▔ ▔▔▔ ▔▔▔▔ ▔▔▔▔▔▔ ▔▔▔ ▔▔▔▔ ▔▔▔▔▔

Landwirtschaft in Konnewerft

▔▔▔▔ ▔▔▔▔▔ ▔▔▔ ▔▔▔▔▔▔ ▔▔ ▔▔▔▔ ▔▔▔▔▔ ▔▔▔ ▔▔▔▔ ▔▔▔▔▔▔ ▔▔▔ ▔▔▔▔ ▔▔▔▔▔ ▔▔▔ ▔▔▔▔▔▔ ▔▔ ▔▔▔▔

1918
